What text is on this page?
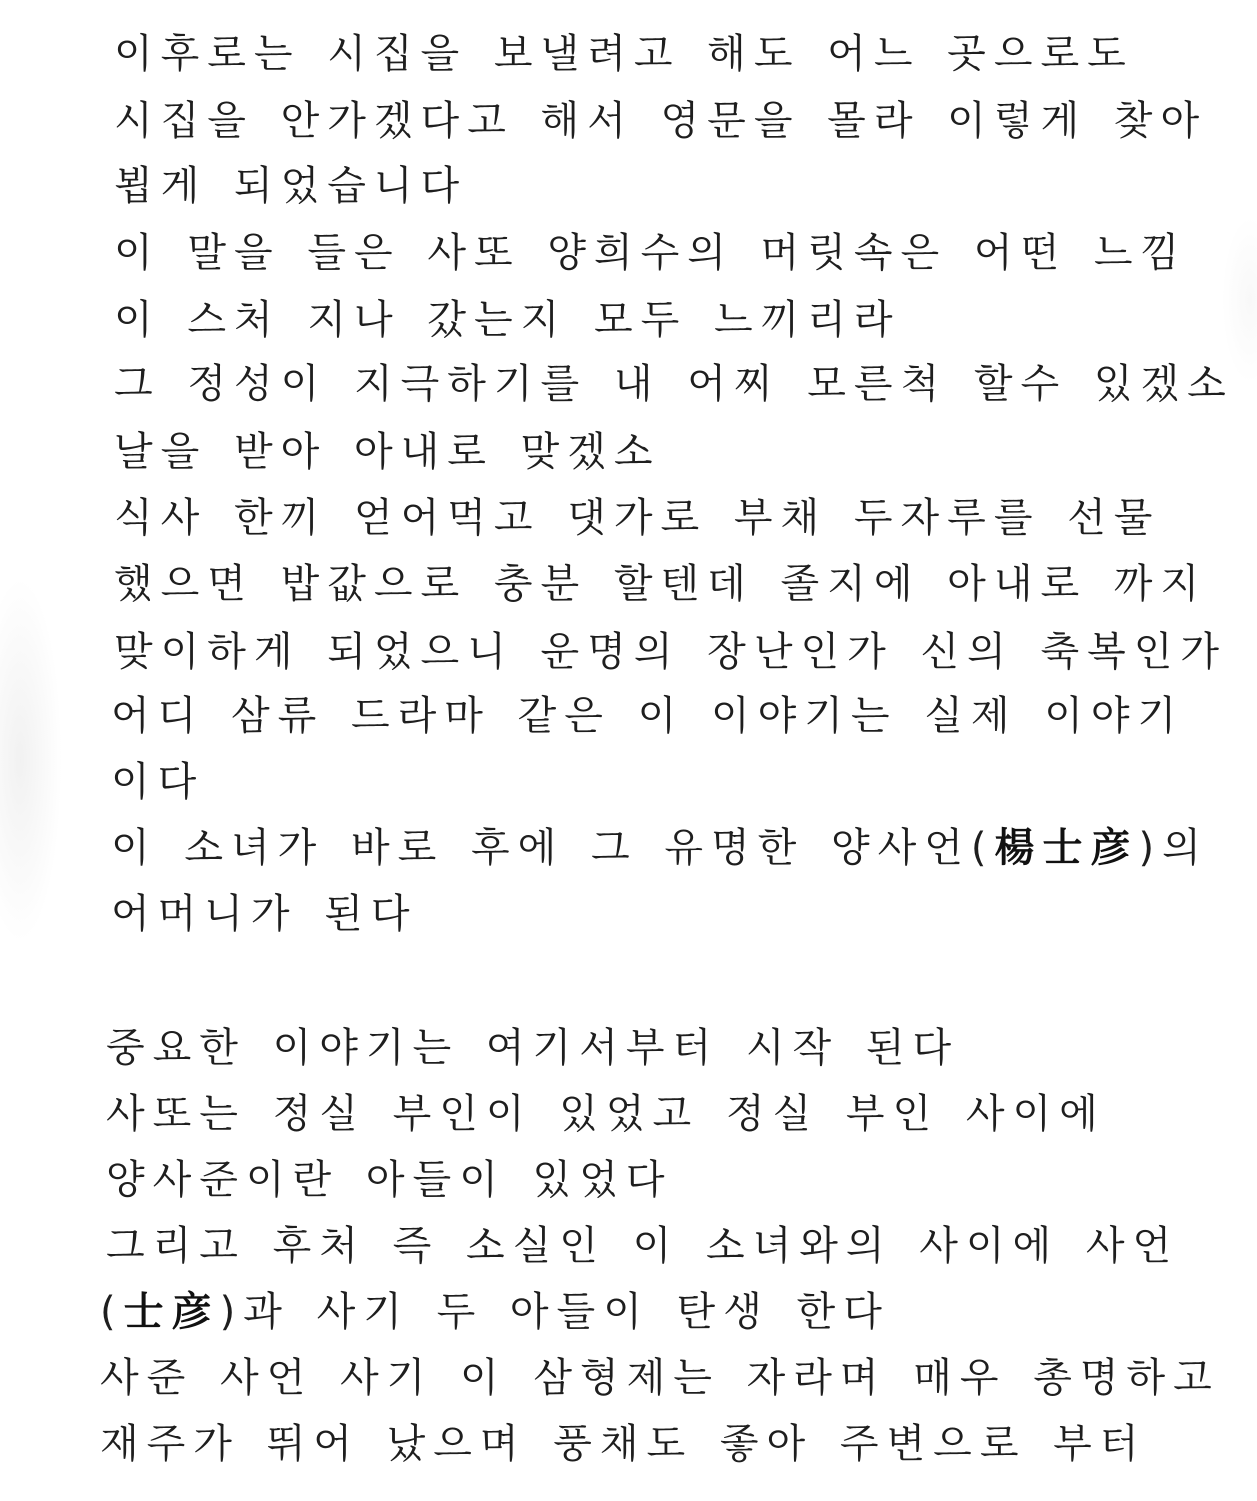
이후로는 시집을 보낼려고 해도 어느 곳으로도
시집을 안가겠다고 해서 영문을 몰라 이렇게 찾아
뵙게 되었습니다
이 말을 들은 사또 양희수의 머릿속은 어떤 느낌
이 스처 지나 갔는지 모두 느끼리라
그 정성이 지극하기를 내 어찌 모른척 할수 있겠소
날을 받아 아내로 맞겠소
식사 한끼 얻어먹고 댓가로 부채 두자루를 선물
했으면 밥값으로 충분 할텐데 졸지에 아내로 까지
맞이하게 되었으니 운명의 장난인가 신의 축복인가
어디 삼류 드라마 같은 이 이야기는 실제 이야기
이다
이 소녀가 바로 후에 그 유명한 양사언(楊士彦)의
어머니가 된다
중요한 이야기는 여기서부터 시작 된다
사또는 정실 부인이 있었고 정실 부인 사이에
양사준이란 아들이 있었다
그리고 후처 즉 소실인 이 소녀와의 사이에 사언
(士彦)과 사기 두 아들이 탄생 한다
사준 사언 사기 이 삼형제는 자라며 매우 총명하고
재주가 뛰어 났으며 풍채도 좋아 주변으로 부터
